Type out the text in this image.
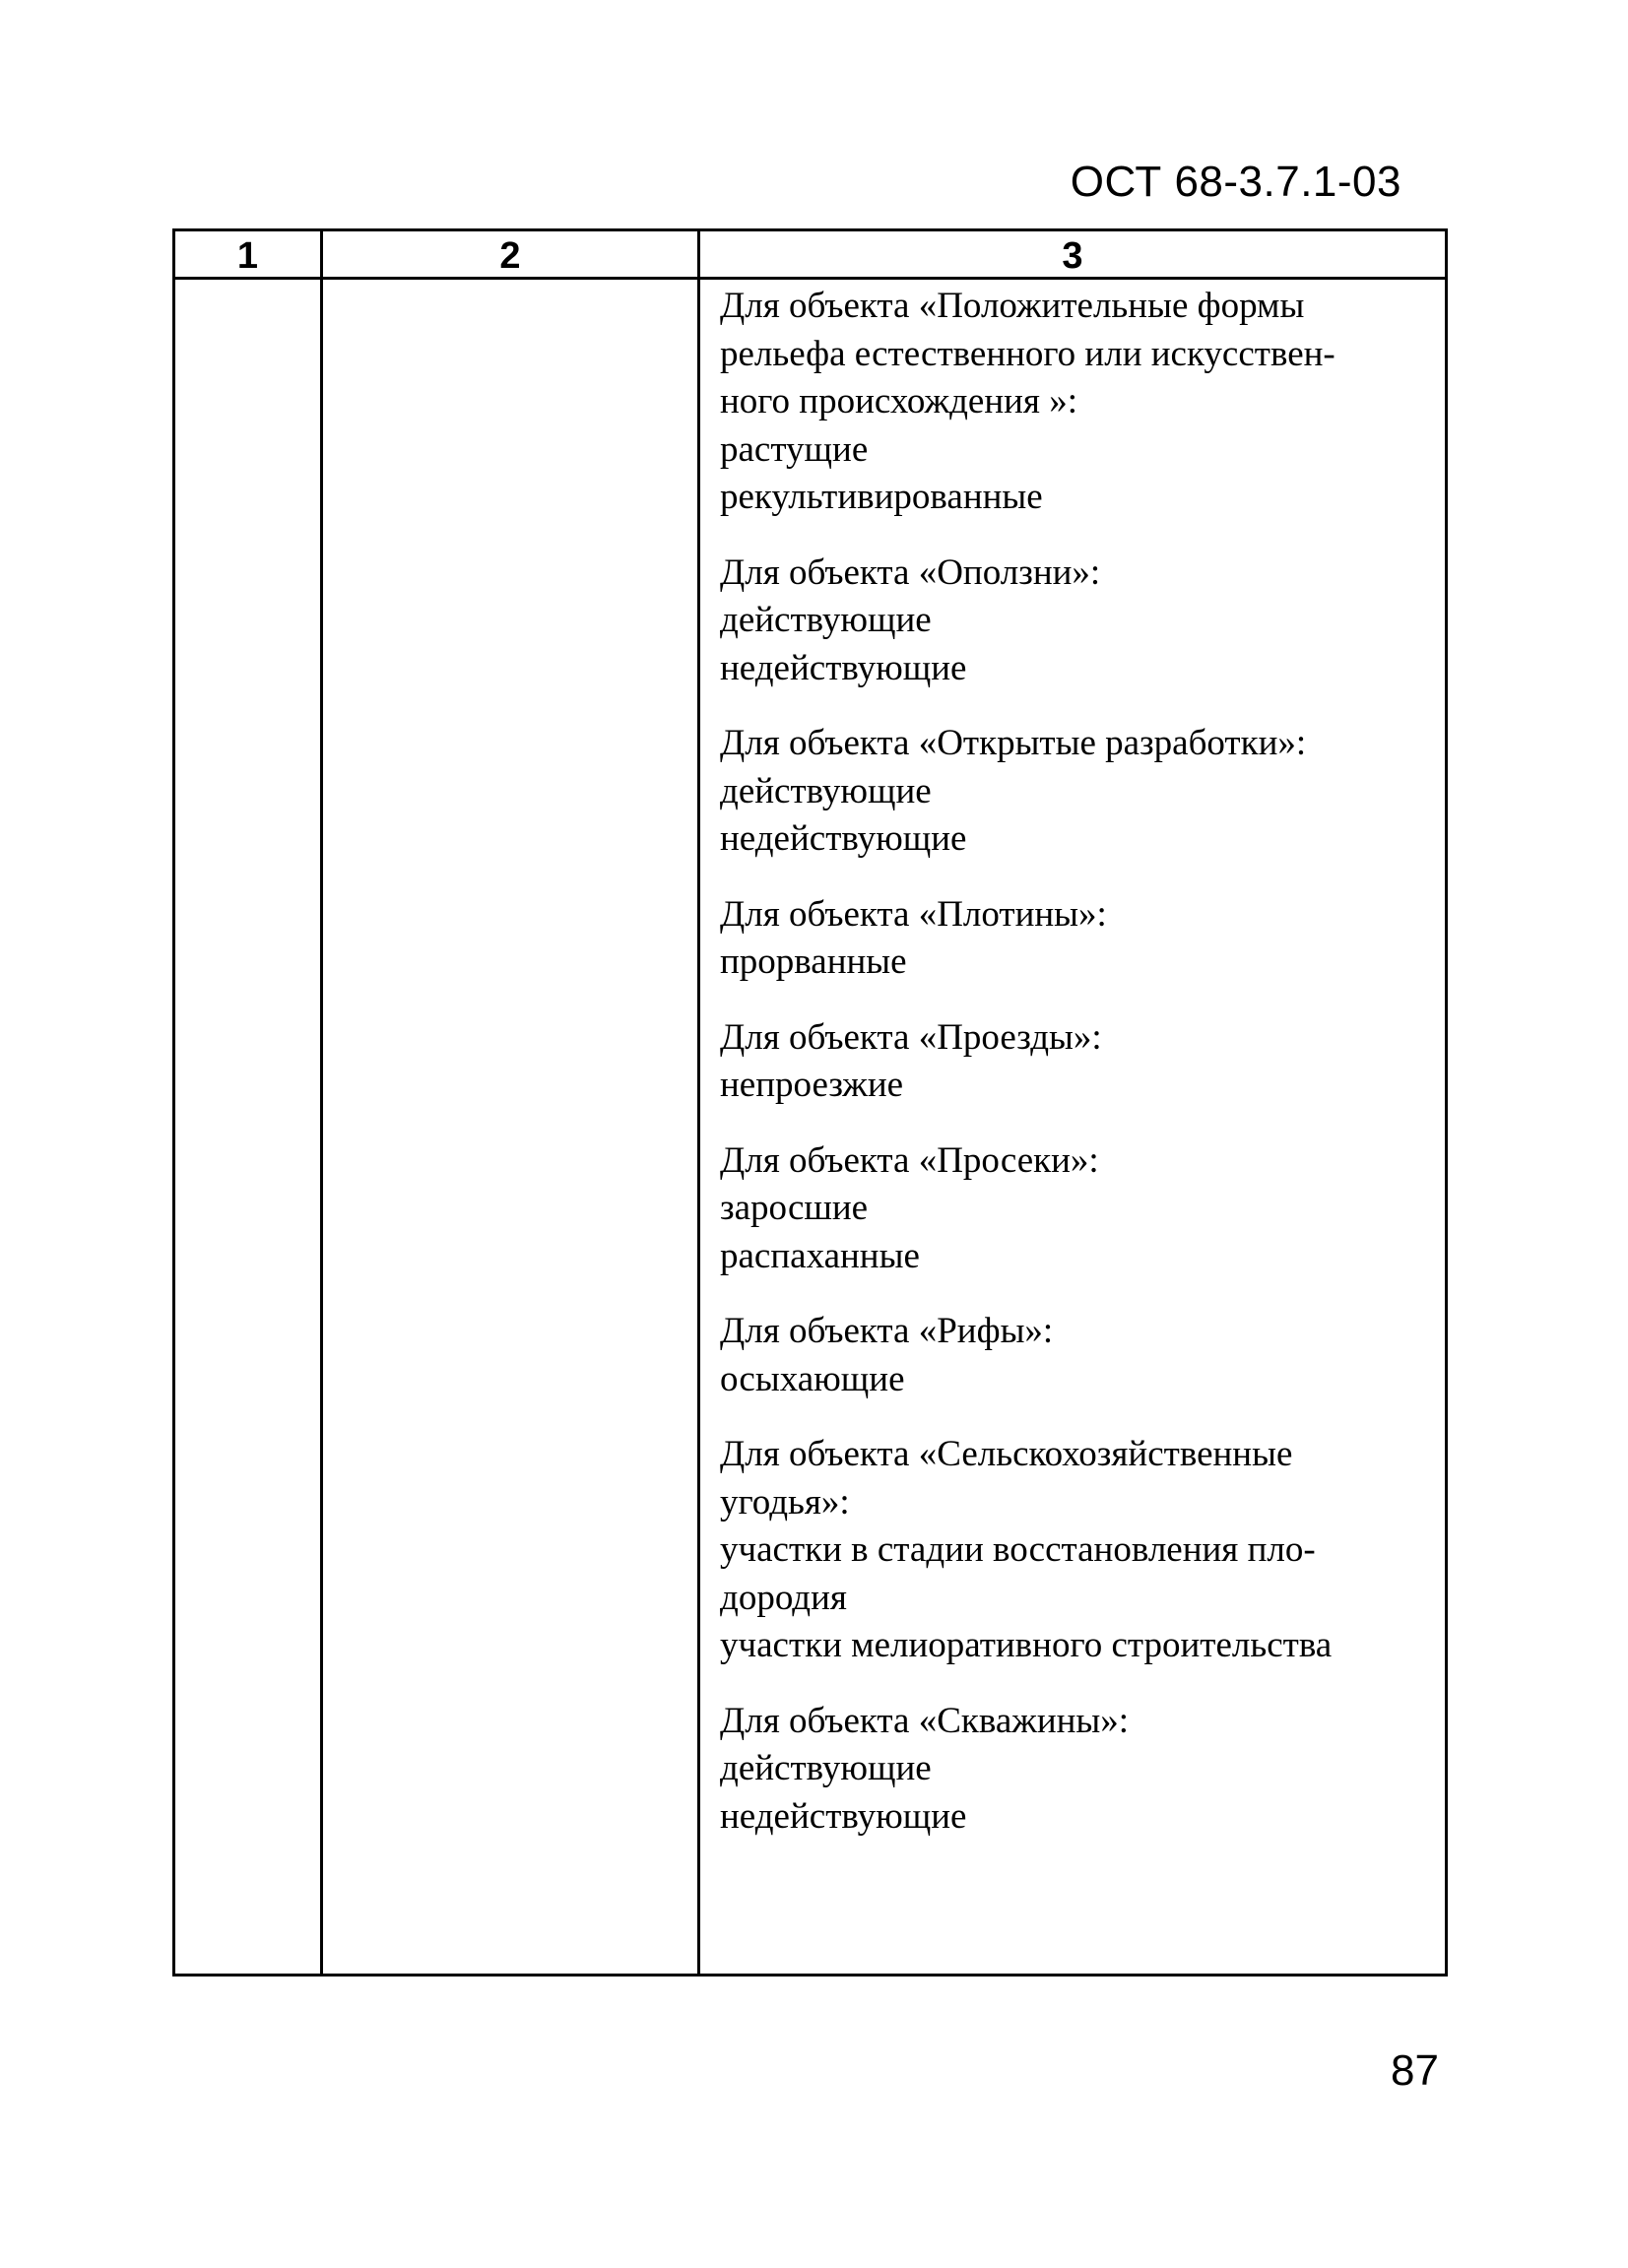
ОСТ 68-3.7.1-03
1	2	3
Для объекта «Положительные формы
рельефа естественного или искусствен-
ного происхождения »:
растущие
рекультивированные
Для объекта «Оползни»:
действующие
недействующие
Для объекта «Открытые разработки»:
действующие
недействующие
Для объекта «Плотины»:
прорванные
Для объекта «Проезды»:
непроезжие
Для объекта «Просеки»:
заросшие
распаханные
Для объекта «Рифы»:
осыхающие
Для объекта «Сельскохозяйственные
угодья»:
участки в стадии восстановления пло-
дородия
участки мелиоративного строительства
Для объекта «Скважины»:
действующие
недействующие
87
